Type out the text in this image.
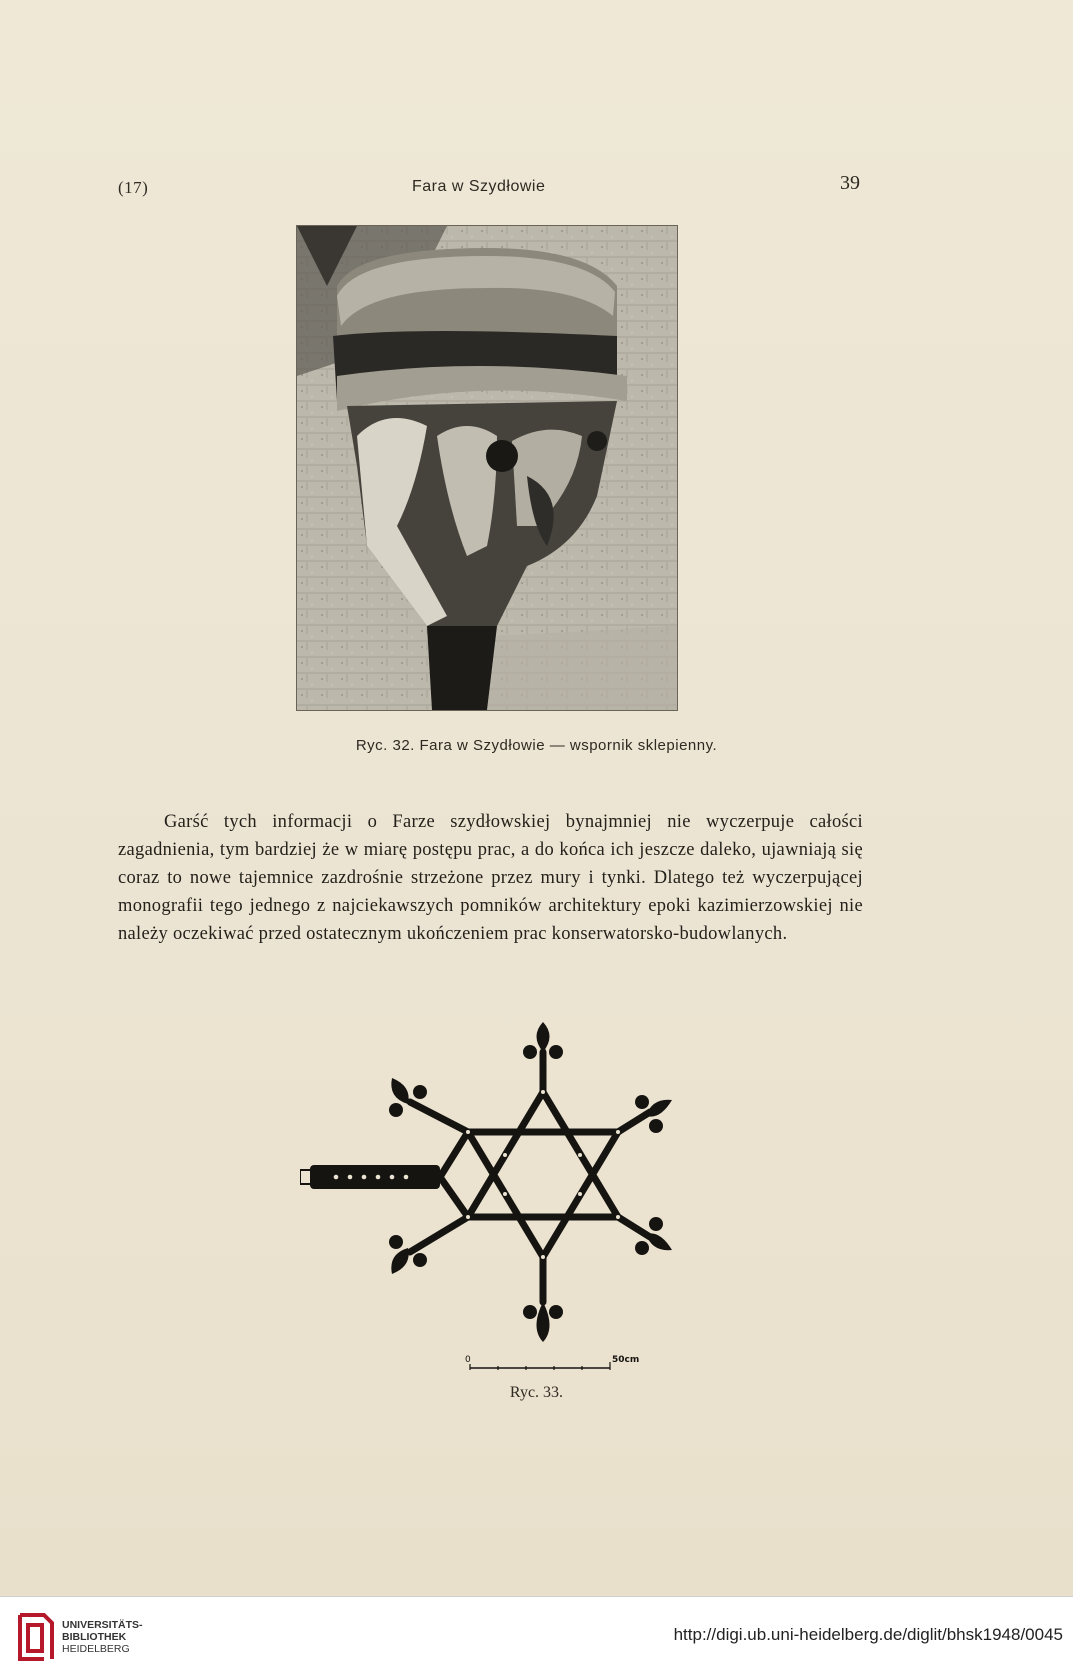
(17)	Fara w Szydłowie	39
Ryc. 32. Fara w Szydłowie — wspornik sklepienny.

Garść tych informacji o Farze szydłowskiej bynajmniej nie wyczerpuje całości zagadnienia, tym bardziej że w miarę postępu prac, a do końca ich jeszcze daleko, ujawniają się coraz to nowe tajemnice zazdrośnie strzeżone przez mury i tynki. Dlatego też wyczerpującej monografii tego jednego z najciekawszych pomników architektury epoki kazimierzowskiej nie należy oczekiwać przed ostatecznym ukończeniem prac konserwatorsko-budowlanych.

0	50cm
Ryc. 33.
UNIVERSITÄTS-
BIBLIOTHEK
HEIDELBERG
http://digi.ub.uni-heidelberg.de/diglit/bhsk1948/0045
